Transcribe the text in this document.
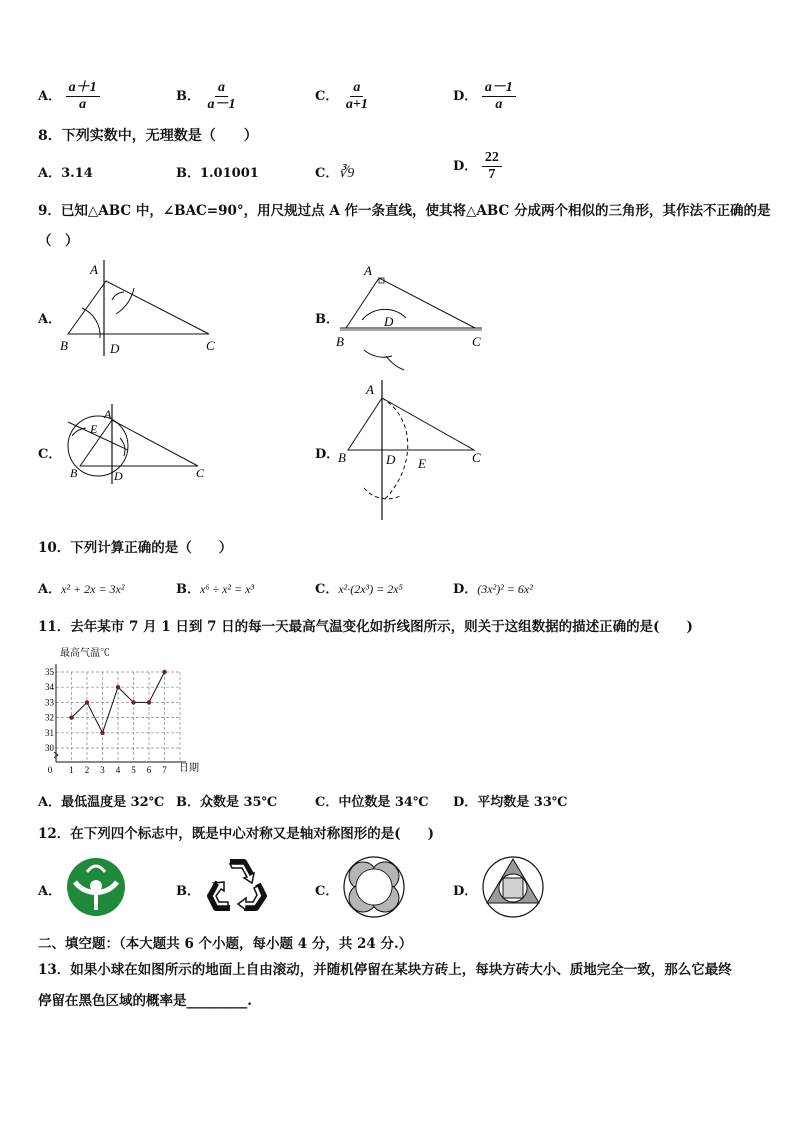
A． $\frac{a+1}{a}$	B． $\frac{a}{a-1}$	C． $\frac{a}{a+1}$	D． $\frac{a-1}{a}$
8．下列实数中，无理数是（　　）
A．3.14	B．1.01001	C．∛9	D． $\frac{22}{7}$
9．已知△ABC 中，∠BAC=90°，用尺规过点 A 作一条直线，使其将△ABC 分成两个相似的三角形，其作法不正确的是
（　）
A．	B．
C．	D．
A
B	D	C
A
B
D
C
A
E
B	D	C
A
B	D E	C
10．下列计算正确的是（　　）
A．x² + 2x = 3x²	B．x⁶ ÷ x² = x³	C．x²·(2x³) = 2x⁵	D．(3x²)² = 6x²
11．去年某市 7 月 1 日到 7 日的每一天最高气温变化如折线图所示，则关于这组数据的描述正确的是(　　)
30
31
32
33
34
35
0 1 2 3 4 5 6 7
最高气温℃
日期
A．最低温度是 32℃ B．众数是 35℃	C．中位数是 34℃ D．平均数是 33℃
12．在下列四个标志中，既是中心对称又是轴对称图形的是(　　)
A．	B．	C．	D．
二、填空题：（本大题共 6 个小题，每小题 4 分，共 24 分.）
13．如果小球在如图所示的地面上自由滚动，并随机停留在某块方砖上，每块方砖大小、质地完全一致，那么它最终
停留在黑色区域的概率是_________.
